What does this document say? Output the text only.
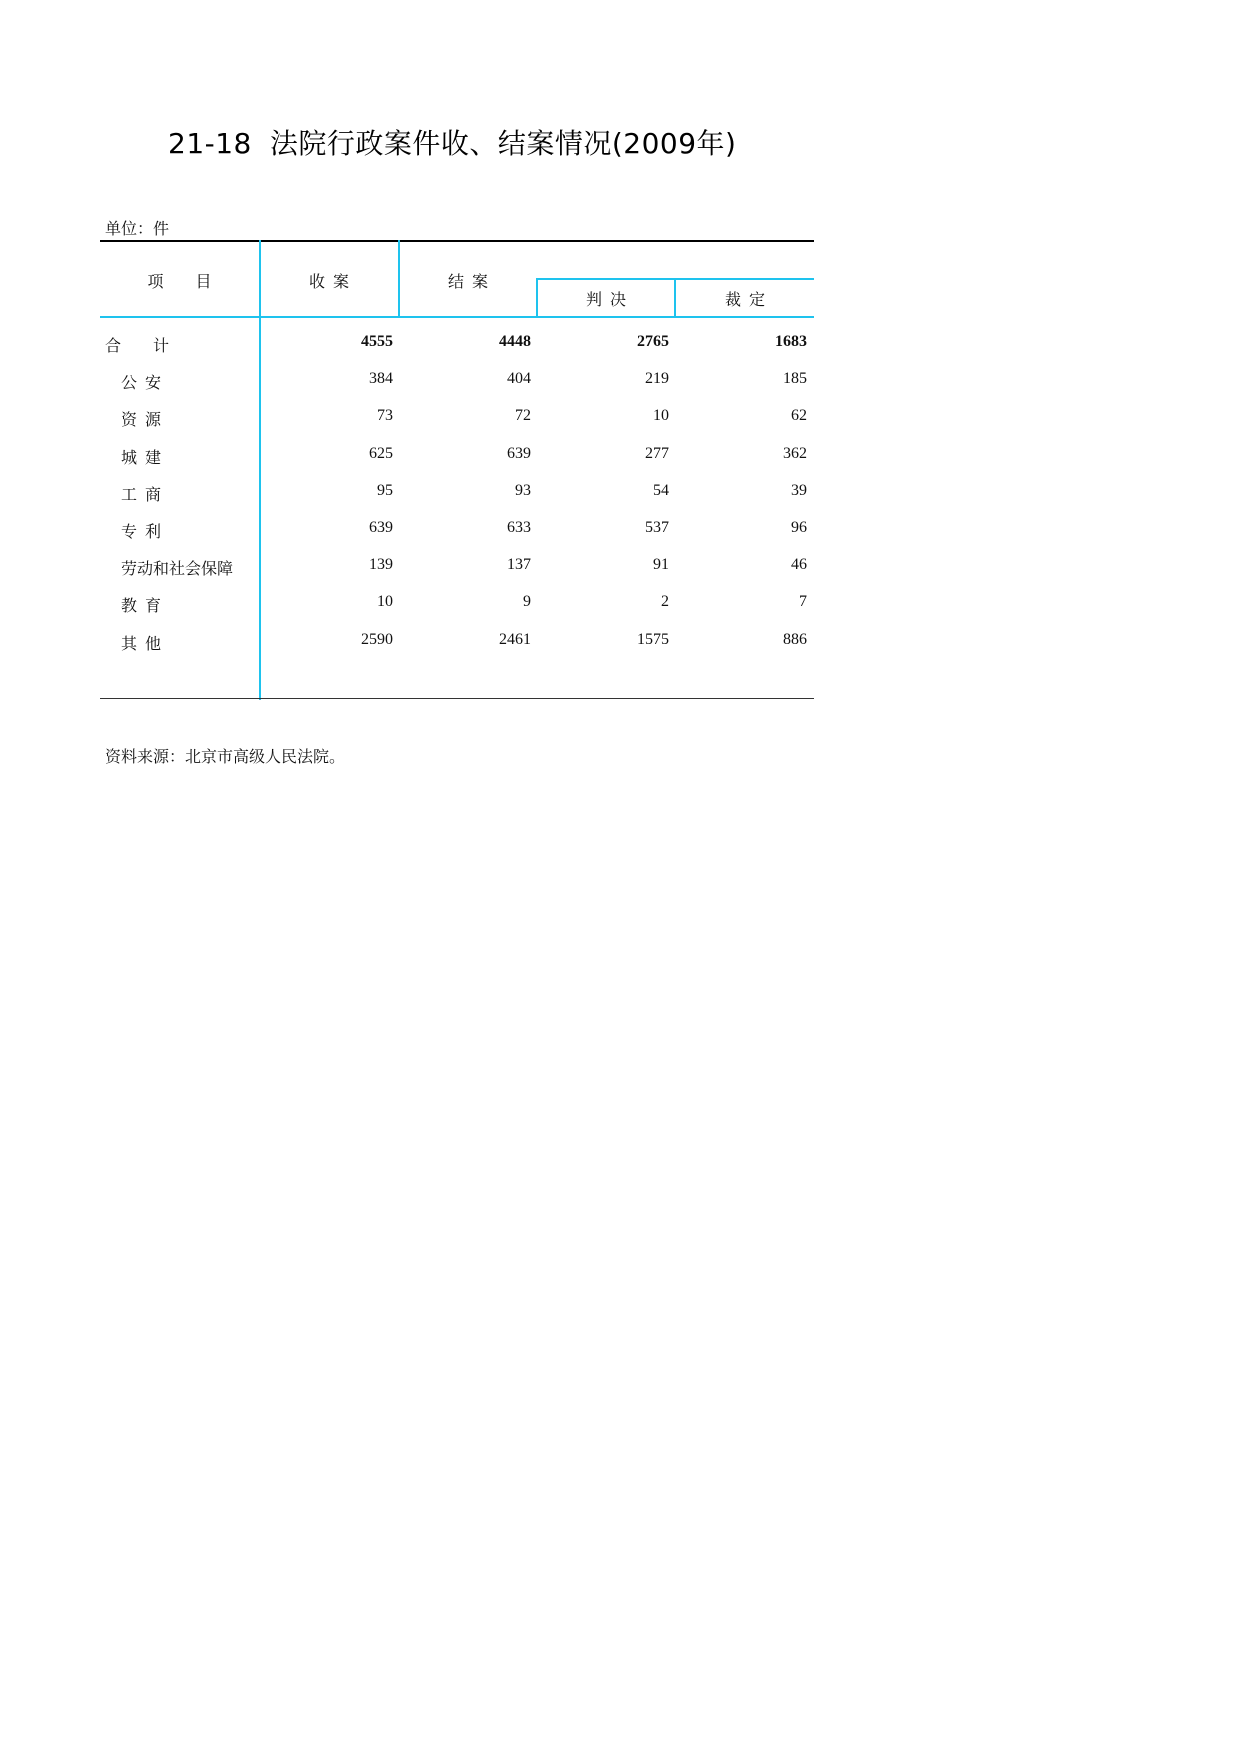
21-18 法院行政案件收、结案情况(2009年)
单位：件
项        目	收  案	结  案
判  决	裁  定
合        计	4555	4448	2765	1683
公  安	384	404	219	185
资  源	73	72	10	62
城  建	625	639	277	362
工  商	95	93	54	39
专  利	639	633	537	96
劳动和社会保障	139	137	91	46
教  育	10	9	2	7
其  他	2590	2461	1575	886
资料来源：北京市高级人民法院。
